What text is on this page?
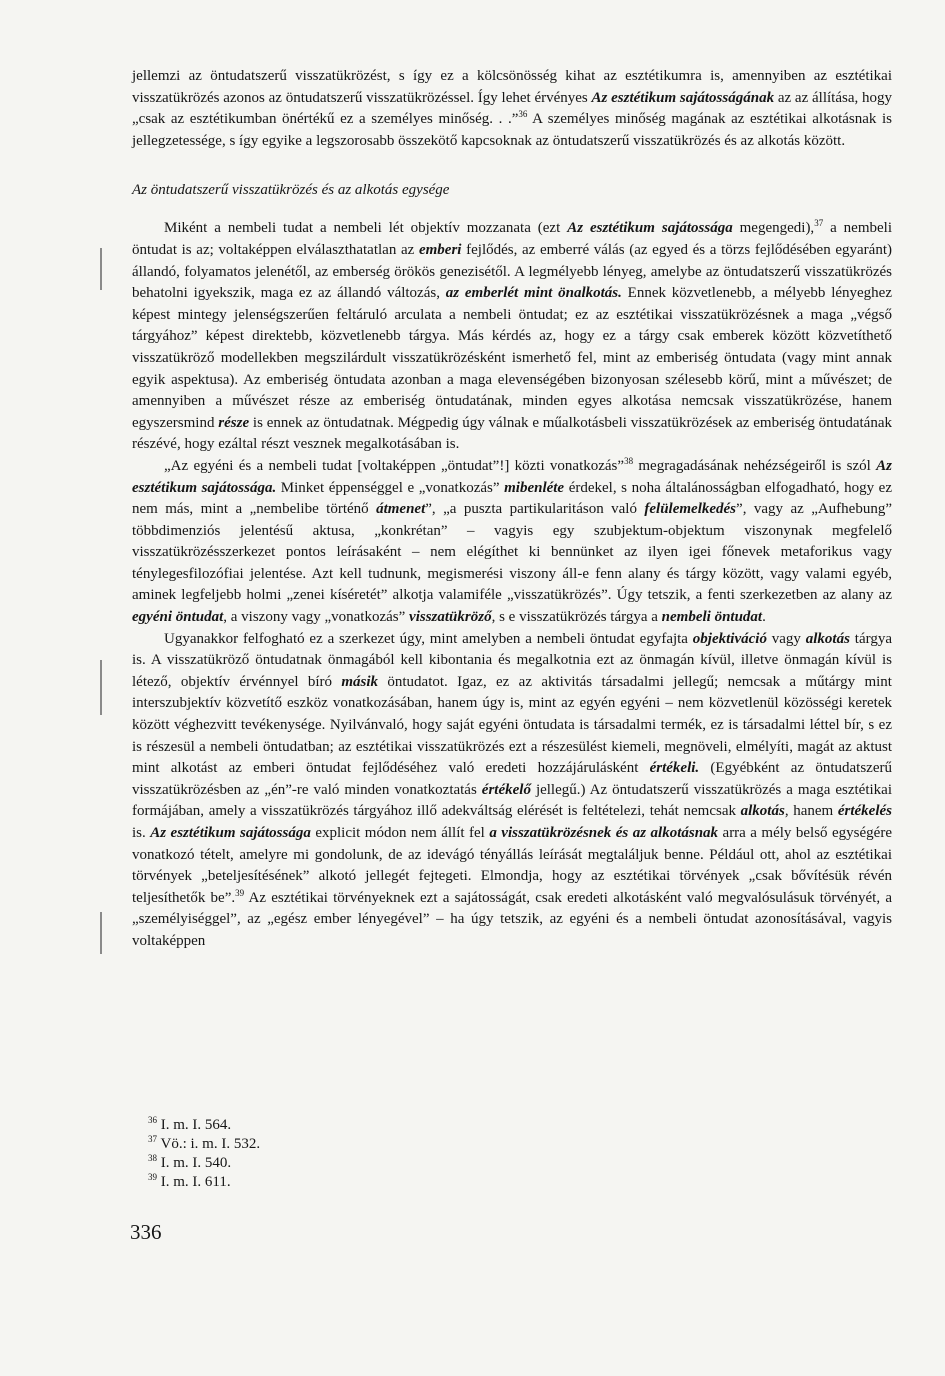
jellemzi az öntudatszerű visszatükrözést, s így ez a kölcsönösség kihat az esztétikumra is, amennyiben az esztétikai visszatükrözés azonos az öntudatszerű visszatükrözéssel. Így lehet érvényes Az esztétikum sajátosságának az az állítása, hogy „csak az esztétikumban önértékű ez a személyes minőség. . .”$^{36}$ A személyes minőség magának az esztétikai alkotásnak is jellegzetessége, s így egyike a legszorosabb összekötő kapcsoknak az öntudatszerű visszatükrözés és az alkotás között.

Az öntudatszerű visszatükrözés és az alkotás egysége

Miként a nembeli tudat a nembeli lét objektív mozzanata (ezt Az esztétikum sajátossága megengedi),$^{37}$ a nembeli öntudat is az; voltaképpen elválaszthatatlan az emberi fejlődés, az emberré válás (az egyed és a törzs fejlődésében egyaránt) állandó, folyamatos jelenétől, az emberség örökös genezisétől. A legmélyebb lényeg, amelybe az öntudatszerű visszatükrözés behatolni igyekszik, maga ez az állandó változás, az emberlét mint önalkotás. Ennek közvetlenebb, a mélyebb lényeghez képest mintegy jelenségszerűen feltáruló arculata a nembeli öntudat; ez az esztétikai visszatükrözésnek a maga „végső tárgyához” képest direktebb, közvetlenebb tárgya. Más kérdés az, hogy ez a tárgy csak emberek között közvetíthető visszatükröző modellekben megszilárdult visszatükrözésként ismerhető fel, mint az emberiség öntudata (vagy mint annak egyik aspektusa). Az emberiség öntudata azonban a maga elevenségében bizonyosan szélesebb körű, mint a művészet; de amennyiben a művészet része az emberiség öntudatának, minden egyes alkotása nemcsak visszatükrözése, hanem egyszersmind része is ennek az öntudatnak. Mégpedig úgy válnak e műalkotásbeli visszatükrözések az emberiség öntudatának részévé, hogy ezáltal részt vesznek megalkotásában is.

„Az egyéni és a nembeli tudat [voltaképpen „öntudat”!] közti vonatkozás”$^{38}$ megragadásának nehézségeiről is szól Az esztétikum sajátossága. Minket éppenséggel e „vonatkozás” mibenléte érdekel, s noha általánosságban elfogadható, hogy ez nem más, mint a „nembelibe történő átmenet”, „a puszta partikularitáson való felülemelkedés”, vagy az „Aufhebung” többdimenziós jelentésű aktusa, „konkrétan” – vagyis egy szubjektum-objektum viszonynak megfelelő visszatükrözésszerkezet pontos leírásaként – nem elégíthet ki bennünket az ilyen igei főnevek metaforikus vagy ténylegesfilozófiai jelentése. Azt kell tudnunk, megismerési viszony áll-e fenn alany és tárgy között, vagy valami egyéb, aminek legfeljebb holmi „zenei kíséretét” alkotja valamiféle „visszatükrözés”. Úgy tetszik, a fenti szerkezetben az alany az egyéni öntudat, a viszony vagy „vonatkozás” visszatükröző, s e visszatükrözés tárgya a nembeli öntudat.

Ugyanakkor felfogható ez a szerkezet úgy, mint amelyben a nembeli öntudat egyfajta objektiváció vagy alkotás tárgya is. A visszatükröző öntudatnak önmagából kell kibontania és megalkotnia ezt az önmagán kívül, illetve önmagán kívül is létező, objektív érvénnyel bíró másik öntudatot. Igaz, ez az aktivitás társadalmi jellegű; nemcsak a műtárgy mint interszubjektív közvetítő eszköz vonatkozásában, hanem úgy is, mint az egyén egyéni – nem közvetlenül közösségi keretek között véghezvitt tevékenysége. Nyilvánvaló, hogy saját egyéni öntudata is társadalmi termék, ez is társadalmi léttel bír, s ez is részesül a nembeli öntudatban; az esztétikai visszatükrözés ezt a részesülést kiemeli, megnöveli, elmélyíti, magát az aktust mint alkotást az emberi öntudat fejlődéséhez való eredeti hozzájárulásként értékeli. (Egyébként az öntudatszerű visszatükrözésben az „én”-re való minden vonatkoztatás értékelő jellegű.) Az öntudatszerű visszatükrözés a maga esztétikai formájában, amely a visszatükrözés tárgyához illő adekváltság elérését is feltételezi, tehát nemcsak alkotás, hanem értékelés is. Az esztétikum sajátossága explicit módon nem állít fel a visszatükrözésnek és az alkotásnak arra a mély belső egységére vonatkozó tételt, amelyre mi gondolunk, de az idevágó tényállás leírását megtaláljuk benne. Például ott, ahol az esztétikai törvények „beteljesítésének” alkotó jellegét fejtegeti. Elmondja, hogy az esztétikai törvények „csak bővítésük révén teljesíthetők be”.$^{39}$ Az esztétikai törvényeknek ezt a sajátosságát, csak eredeti alkotásként való megvalósulásuk törvényét, a „személyiséggel”, az „egész ember lényegével” – ha úgy tetszik, az egyéni és a nembeli öntudat azonosításával, vagyis voltaképpen

$^{36}$ I. m. I. 564.
$^{37}$ Vö.: i. m. I. 532.
$^{38}$ I. m. I. 540.
$^{39}$ I. m. I. 611.
336
